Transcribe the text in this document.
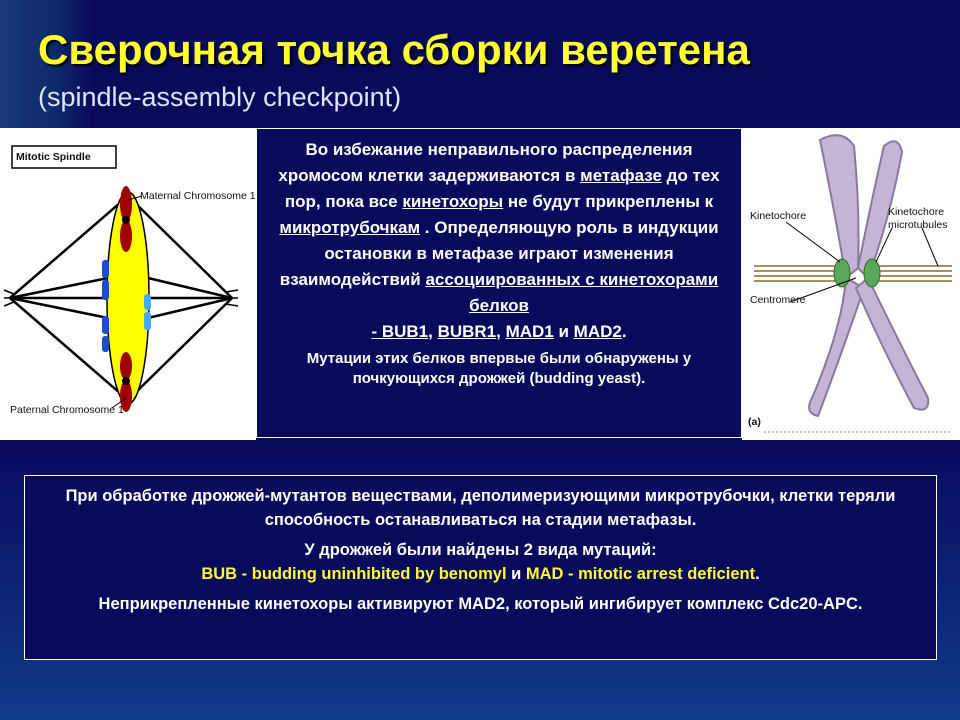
Сверочная точка сборки веретена
(spindle-assembly checkpoint)
Mitotic Spindle
Maternal Chromosome 1
Paternal Chromosome 1
Во избежание неправильного распределения хромосом клетки задерживаются в метафазе до тех пор, пока все кинетохоры не будут прикреплены к микротрубочкам . Определяющую роль в индукции остановки в метафазе играют изменения взаимодействий ассоциированных с кинетохорами белков
- BUB1, BUBR1, MAD1 и MAD2.
Мутации этих белков впервые были обнаружены у почкующихся дрожжей (budding yeast).
Kinetochore	Kinetochore
microtubules
Centromere
(a)

При обработке дрожжей-мутантов веществами, деполимеризующими микротрубочки, клетки теряли способность останавливаться на стадии метафазы.

У дрожжей были найдены 2 вида мутаций:

BUB - budding uninhibited by benomyl и MAD - mitotic arrest deficient.

Неприкрепленные кинетохоры активируют MAD2, который ингибирует комплекс Cdc20-APC.
